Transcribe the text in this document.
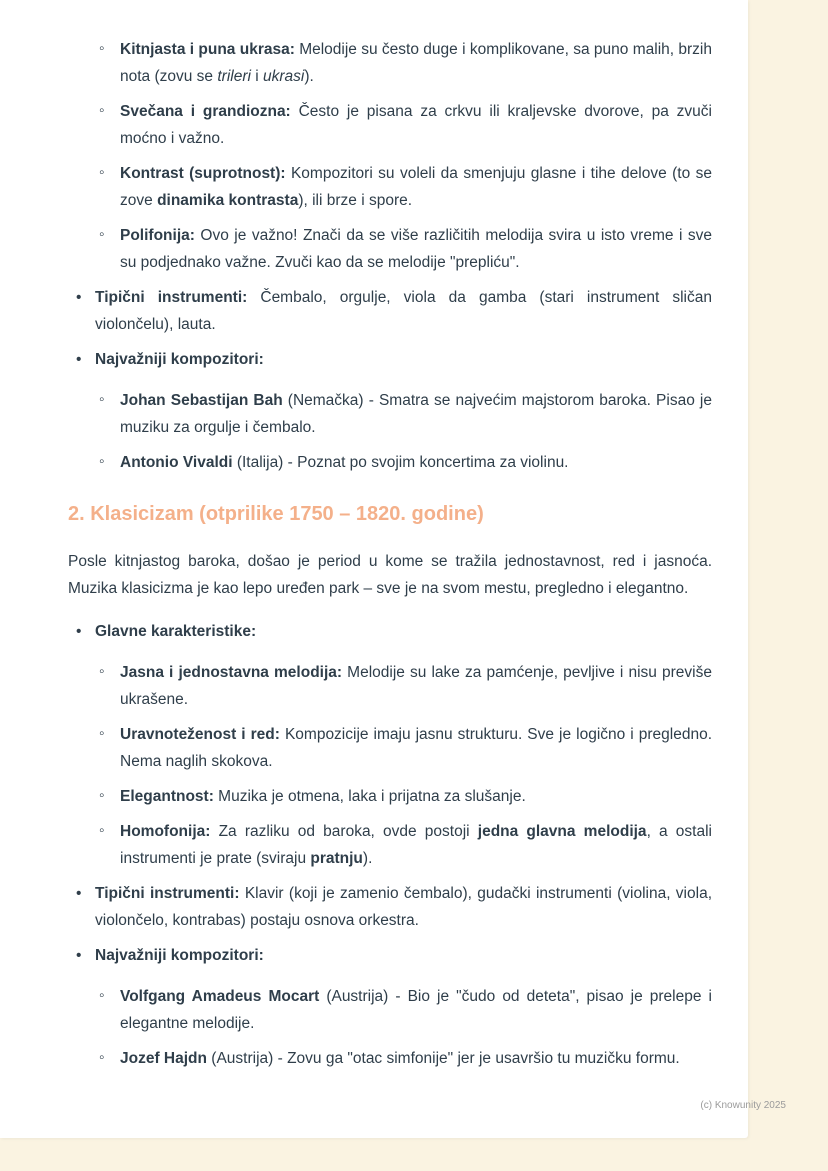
◦
Kitnjasta i puna ukrasa: Melodije su često duge i komplikovane, sa puno malih, brzih nota (zovu se trileri i ukrasi).
◦
Svečana i grandiozna: Često je pisana za crkvu ili kraljevske dvorove, pa zvuči moćno i važno.
◦
Kontrast (suprotnost): Kompozitori su voleli da smenjuju glasne i tihe delove (to se zove dinamika kontrasta), ili brze i spore.
◦
Polifonija: Ovo je važno! Znači da se više različitih melodija svira u isto vreme i sve su podjednako važne. Zvuči kao da se melodije "prepliću".
•
Tipični instrumenti: Čembalo, orgulje, viola da gamba (stari instrument sličan violončelu), lauta.
•
Najvažniji kompozitori:
◦
Johan Sebastijan Bah (Nemačka) - Smatra se najvećim majstorom baroka. Pisao je muziku za orgulje i čembalo.
◦
Antonio Vivaldi (Italija) - Poznat po svojim koncertima za violinu.
2. Klasicizam (otprilike 1750 – 1820. godine)

Posle kitnjastog baroka, došao je period u kome se tražila jednostavnost, red i jasnoća. Muzika klasicizma je kao lepo uređen park – sve je na svom mestu, pregledno i elegantno.

•
Glavne karakteristike:
◦
Jasna i jednostavna melodija: Melodije su lake za pamćenje, pevljive i nisu previše ukrašene.
◦
Uravnoteženost i red: Kompozicije imaju jasnu strukturu. Sve je logično i pregledno. Nema naglih skokova.
◦
Elegantnost: Muzika je otmena, laka i prijatna za slušanje.
◦
Homofonija: Za razliku od baroka, ovde postoji jedna glavna melodija, a ostali instrumenti je prate (sviraju pratnju).
•
Tipični instrumenti: Klavir (koji je zamenio čembalo), gudački instrumenti (violina, viola, violončelo, kontrabas) postaju osnova orkestra.
•
Najvažniji kompozitori:
◦
Volfgang Amadeus Mocart (Austrija) - Bio je "čudo od deteta", pisao je prelepe i elegantne melodije.
◦
Jozef Hajdn (Austrija) - Zovu ga "otac simfonije" jer je usavršio tu muzičku formu.
(c) Knowunity 2025
